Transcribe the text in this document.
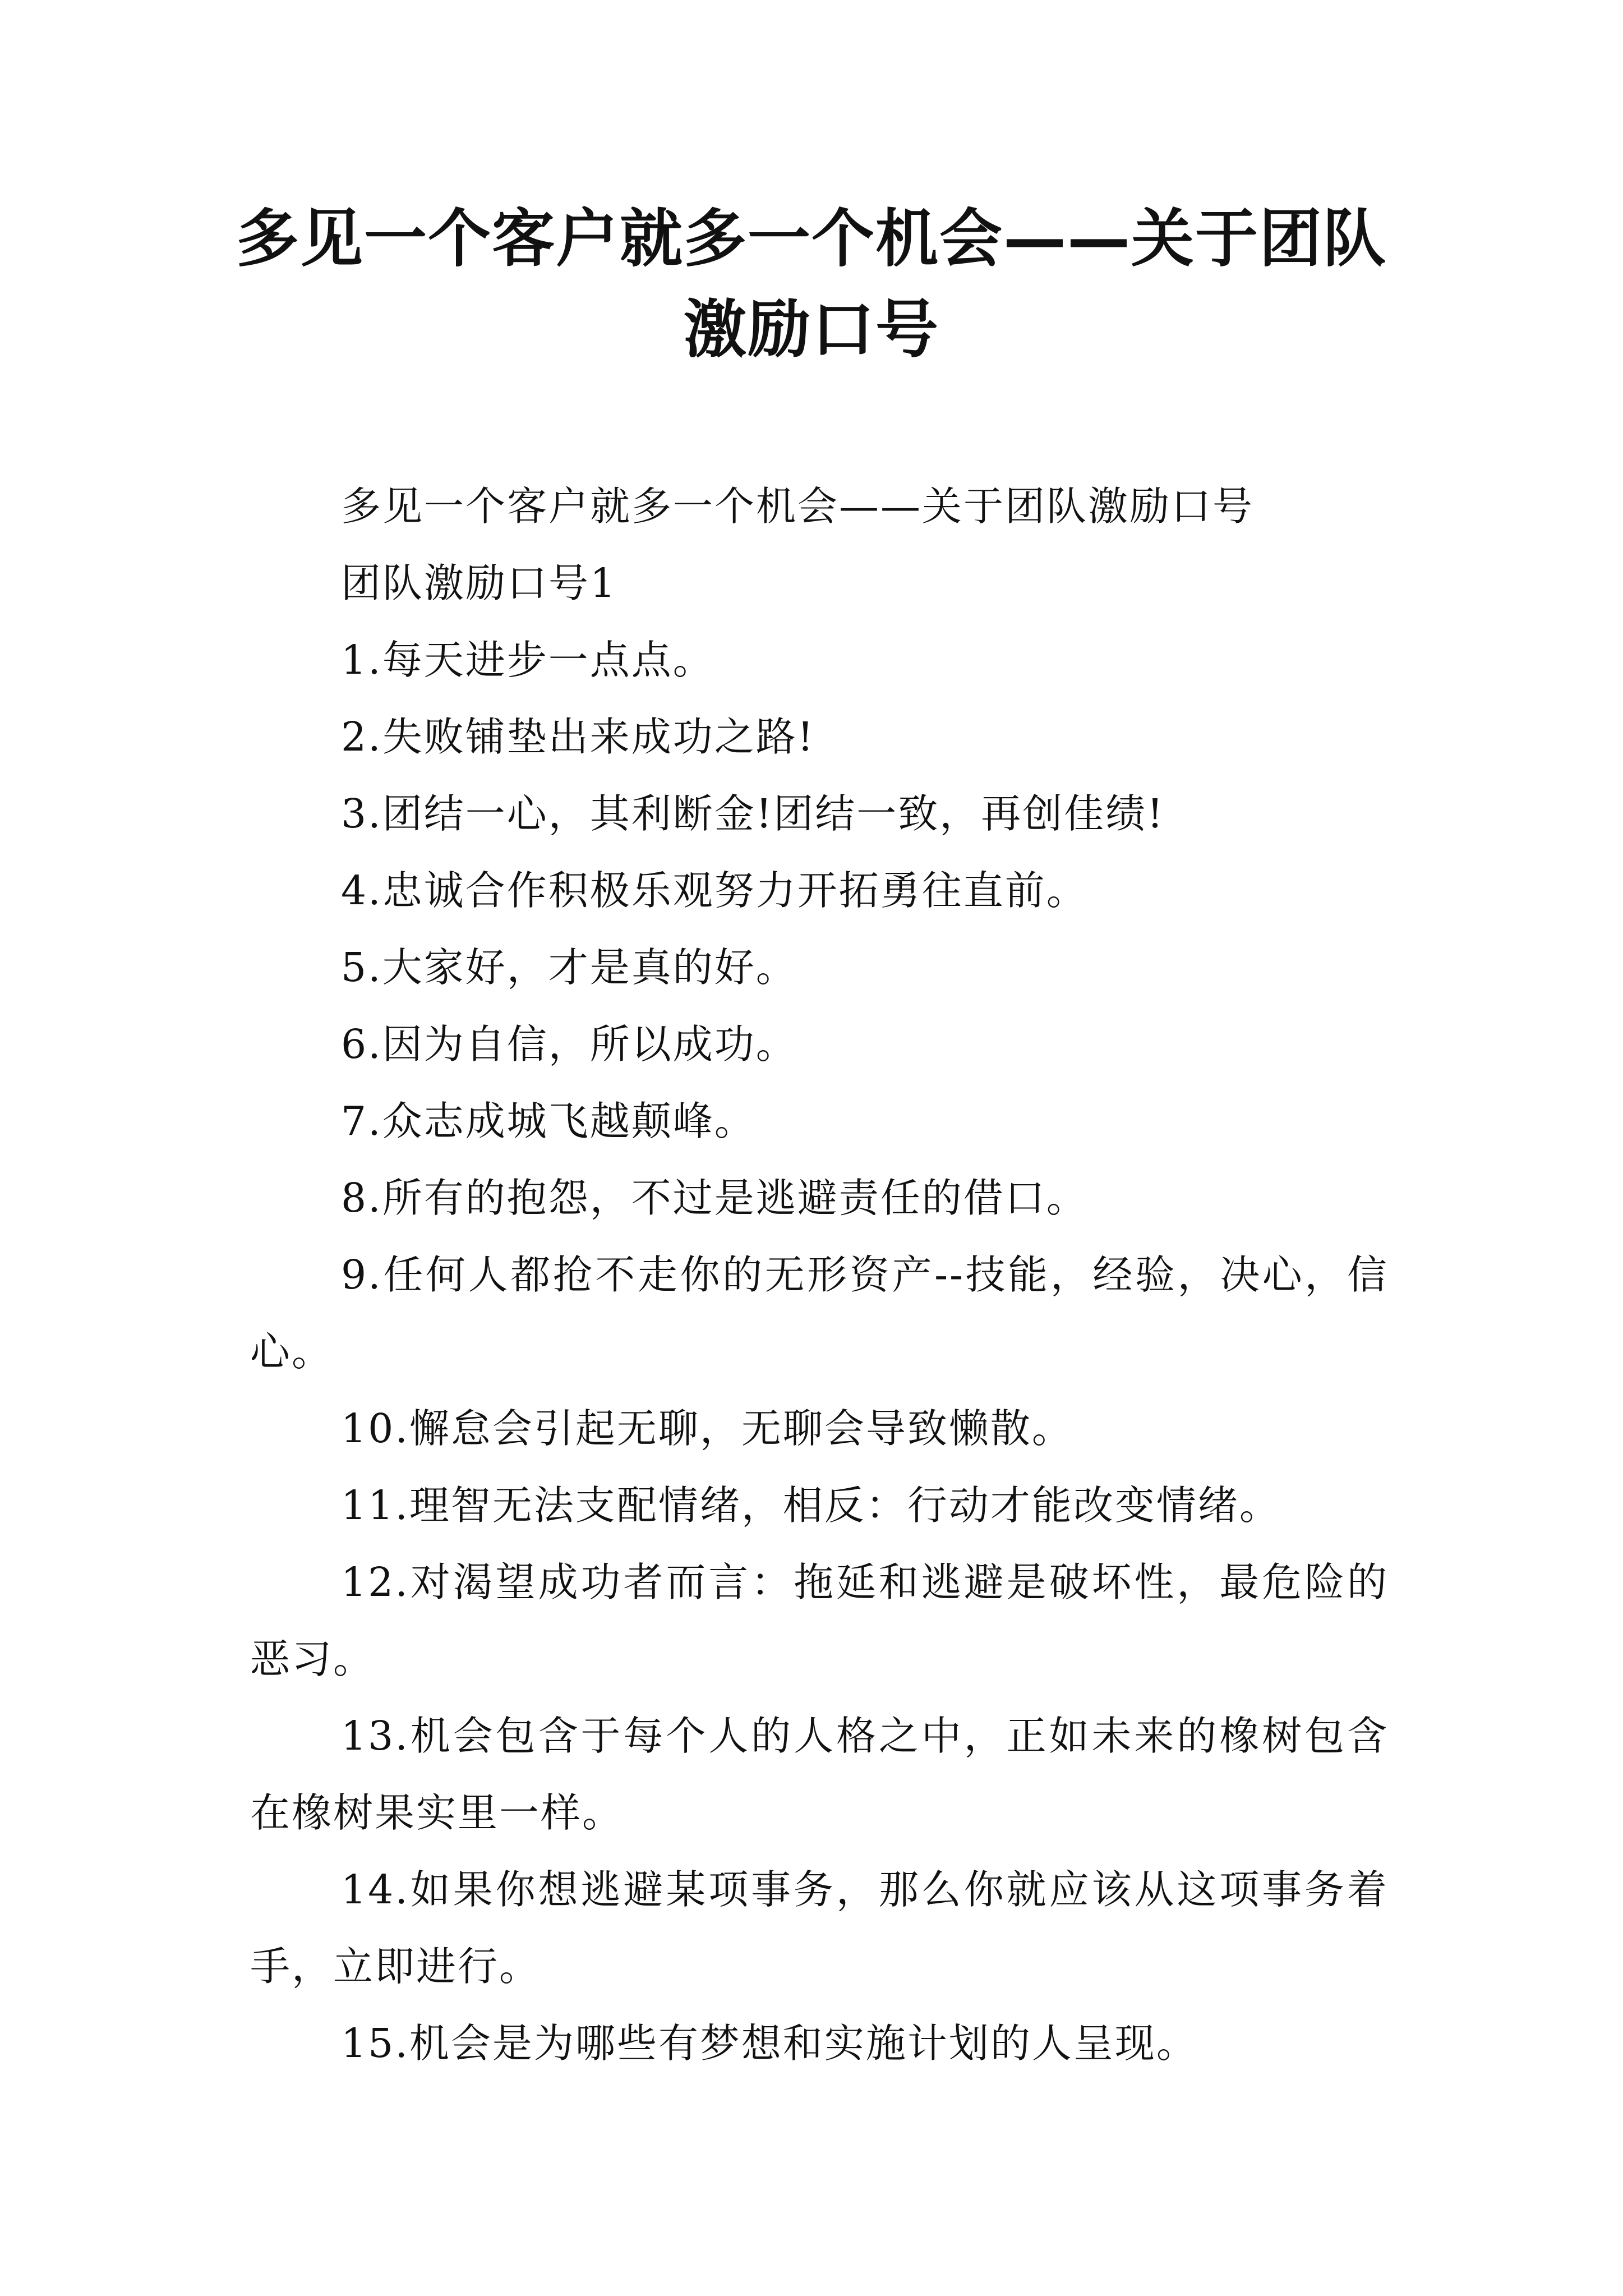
多见一个客户就多一个机会——关于团队
激励口号

多见一个客户就多一个机会——关于团队激励口号

团队激励口号1

1.每天进步一点点。

2.失败铺垫出来成功之路!

3.团结一心，其利断金!团结一致，再创佳绩!

4.忠诚合作积极乐观努力开拓勇往直前。

5.大家好，才是真的好。

6.因为自信，所以成功。

7.众志成城飞越颠峰。

8.所有的抱怨，不过是逃避责任的借口。

9.任何人都抢不走你的无形资产--技能，经验，决心，信心。

10.懈怠会引起无聊，无聊会导致懒散。

11.理智无法支配情绪，相反：行动才能改变情绪。

12.对渴望成功者而言：拖延和逃避是破坏性，最危险的恶习。

13.机会包含于每个人的人格之中，正如未来的橡树包含在橡树果实里一样。

14.如果你想逃避某项事务，那么你就应该从这项事务着手，立即进行。

15.机会是为哪些有梦想和实施计划的人呈现。
